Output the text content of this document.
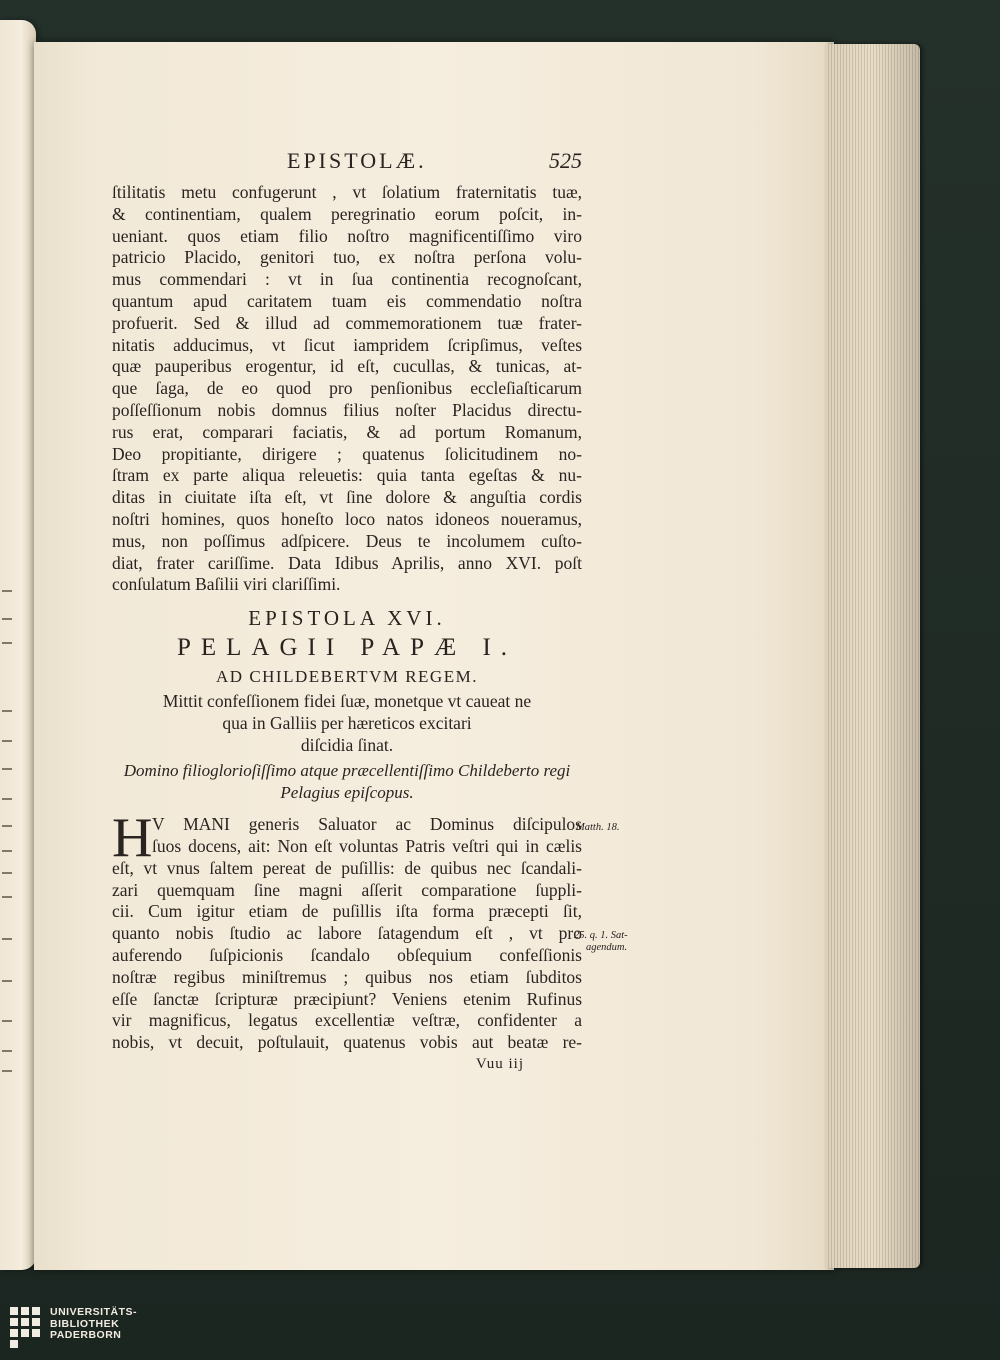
EPISTOLÆ.	525
ſtilitatis metu confugerunt , vt ſolatium fraternitatis tuæ,
& continentiam, qualem peregrinatio eorum poſcit, in-
ueniant. quos etiam filio noſtro magnificentiſſimo viro
patricio Placido, genitori tuo, ex noſtra perſona volu-
mus commendari : vt in ſua continentia recognoſcant,
quantum apud caritatem tuam eis commendatio noſtra
profuerit. Sed & illud ad commemorationem tuæ frater-
nitatis adducimus, vt ſicut iampridem ſcripſimus, veſtes
quæ pauperibus erogentur, id eſt, cucullas, & tunicas, at-
que ſaga, de eo quod pro penſionibus eccleſiaſticarum
poſſeſſionum nobis domnus filius noſter Placidus directu-
rus erat, comparari faciatis, & ad portum Romanum,
Deo propitiante, dirigere ; quatenus ſolicitudinem no-
ſtram ex parte aliqua releuetis: quia tanta egeſtas & nu-
ditas in ciuitate iſta eſt, vt ſine dolore & anguſtia cordis
noſtri homines, quos honeſto loco natos idoneos noueramus,
mus, non poſſimus adſpicere. Deus te incolumem cuſto-
diat, frater cariſſime. Data Idibus Aprilis, anno XVI. poſt
conſulatum Baſilii viri clariſſimi.
EPISTOLA XVI.
PELAGII PAPÆ I.
AD CHILDEBERTVM REGEM.
Mittit confeſſionem fidei ſuæ, monetque vt caueat ne
qua in Galliis per hæreticos excitari
diſcidia ſinat.
Domino filioglorioſiſſimo atque præcellentiſſimo Childeberto regi
Pelagius epiſcopus.
H V MANI generis Saluator ac Dominus diſcipulos
ſuos docens, ait: Non eſt voluntas Patris veſtri qui in cælis
eſt, vt vnus ſaltem pereat de puſillis: de quibus nec ſcandali-
zari quemquam ſine magni aſſerit comparatione ſuppli-
cii. Cum igitur etiam de puſillis iſta forma præcepti ſit,
quanto nobis ſtudio ac labore ſatagendum eſt , vt pro
auferendo ſuſpicionis ſcandalo obſequium confeſſionis
noſtræ regibus miniſtremus ; quibus nos etiam ſubditos
eſſe ſanctæ ſcripturæ præcipiunt? Veniens etenim Rufinus
vir magnificus, legatus excellentiæ veſtræ, confidenter a
nobis, vt decuit, poſtulauit, quatenus vobis aut beatæ re-
Vuu iij
Matth. 18.
25. q. 1. Sat-
agendum.
UNIVERSITÄTS-
BIBLIOTHEK
PADERBORN
